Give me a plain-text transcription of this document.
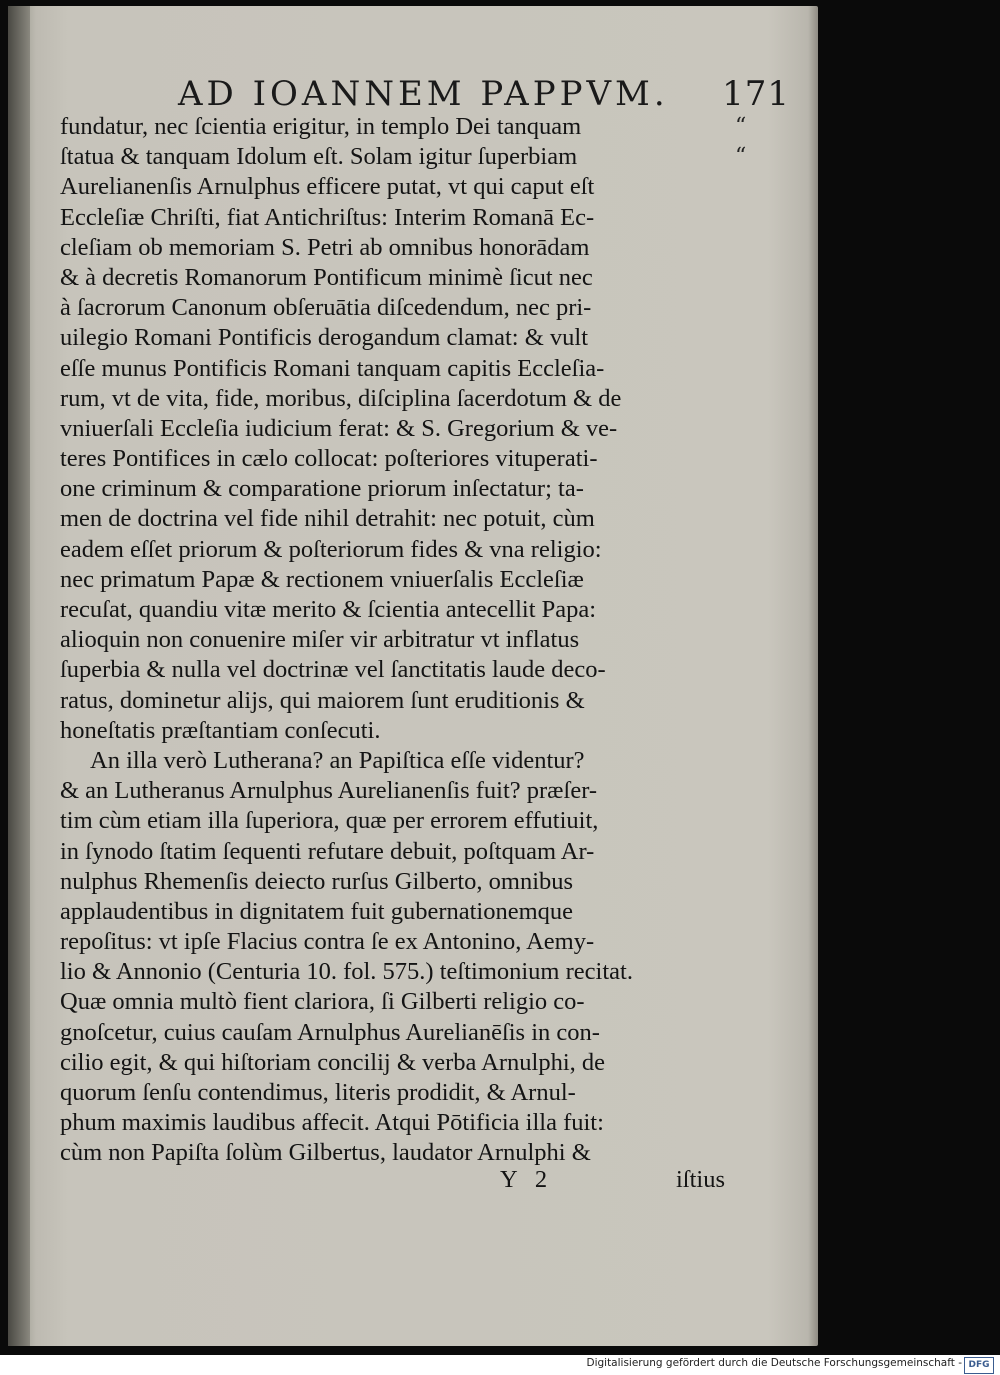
AD IOANNEM PAPPVM. 171
“
“
fundatur, nec ſcientia erigitur, in templo Dei tanquam
ſtatua & tanquam Idolum eſt. Solam igitur ſuperbiam
Aurelianenſis Arnulphus efficere putat, vt qui caput eſt
Eccleſiæ Chriſti, fiat Antichriſtus: Interim Romanā Ec-
cleſiam ob memoriam S. Petri ab omnibus honorādam
& à decretis Romanorum Pontificum minimè ſicut nec
à ſacrorum Canonum obſeruātia diſcedendum, nec pri-
uilegio Romani Pontificis derogandum clamat: & vult
eſſe munus Pontificis Romani tanquam capitis Eccleſia-
rum, vt de vita, fide, moribus, diſciplina ſacerdotum & de
vniuerſali Eccleſia iudicium ferat: & S. Gregorium & ve-
teres Pontifices in cælo collocat: poſteriores vituperati-
one criminum & comparatione priorum inſectatur; ta-
men de doctrina vel fide nihil detrahit: nec potuit, cùm
eadem eſſet priorum & poſteriorum fides & vna religio:
nec primatum Papæ & rectionem vniuerſalis Eccleſiæ
recuſat, quandiu vitæ merito & ſcientia antecellit Papa:
alioquin non conuenire miſer vir arbitratur vt inflatus
ſuperbia & nulla vel doctrinæ vel ſanctitatis laude deco-
ratus, dominetur alijs, qui maiorem ſunt eruditionis &
honeſtatis præſtantiam conſecuti.
An illa verò Lutherana? an Papiſtica eſſe videntur?
& an Lutheranus Arnulphus Aurelianenſis fuit? præſer-
tim cùm etiam illa ſuperiora, quæ per errorem effutiuit,
in ſynodo ſtatim ſequenti refutare debuit, poſtquam Ar-
nulphus Rhemenſis deiecto rurſus Gilberto, omnibus
applaudentibus in dignitatem fuit gubernationemque
repoſitus: vt ipſe Flacius contra ſe ex Antonino, Aemy-
lio & Annonio (Centuria 10. fol. 575.) teſtimonium recitat.
Quæ omnia multò fient clariora, ſi Gilberti religio co-
gnoſcetur, cuius cauſam Arnulphus Aurelianēſis in con-
cilio egit, & qui hiſtoriam concilij & verba Arnulphi, de
quorum ſenſu contendimus, literis prodidit, & Arnul-
phum maximis laudibus affecit. Atqui Pōtificia illa fuit:
cùm non Papiſta ſolùm Gilbertus, laudator Arnulphi &
Y 2	iſtius
Digitalisierung gefördert durch die Deutsche Forschungsgemeinschaft - DFG
